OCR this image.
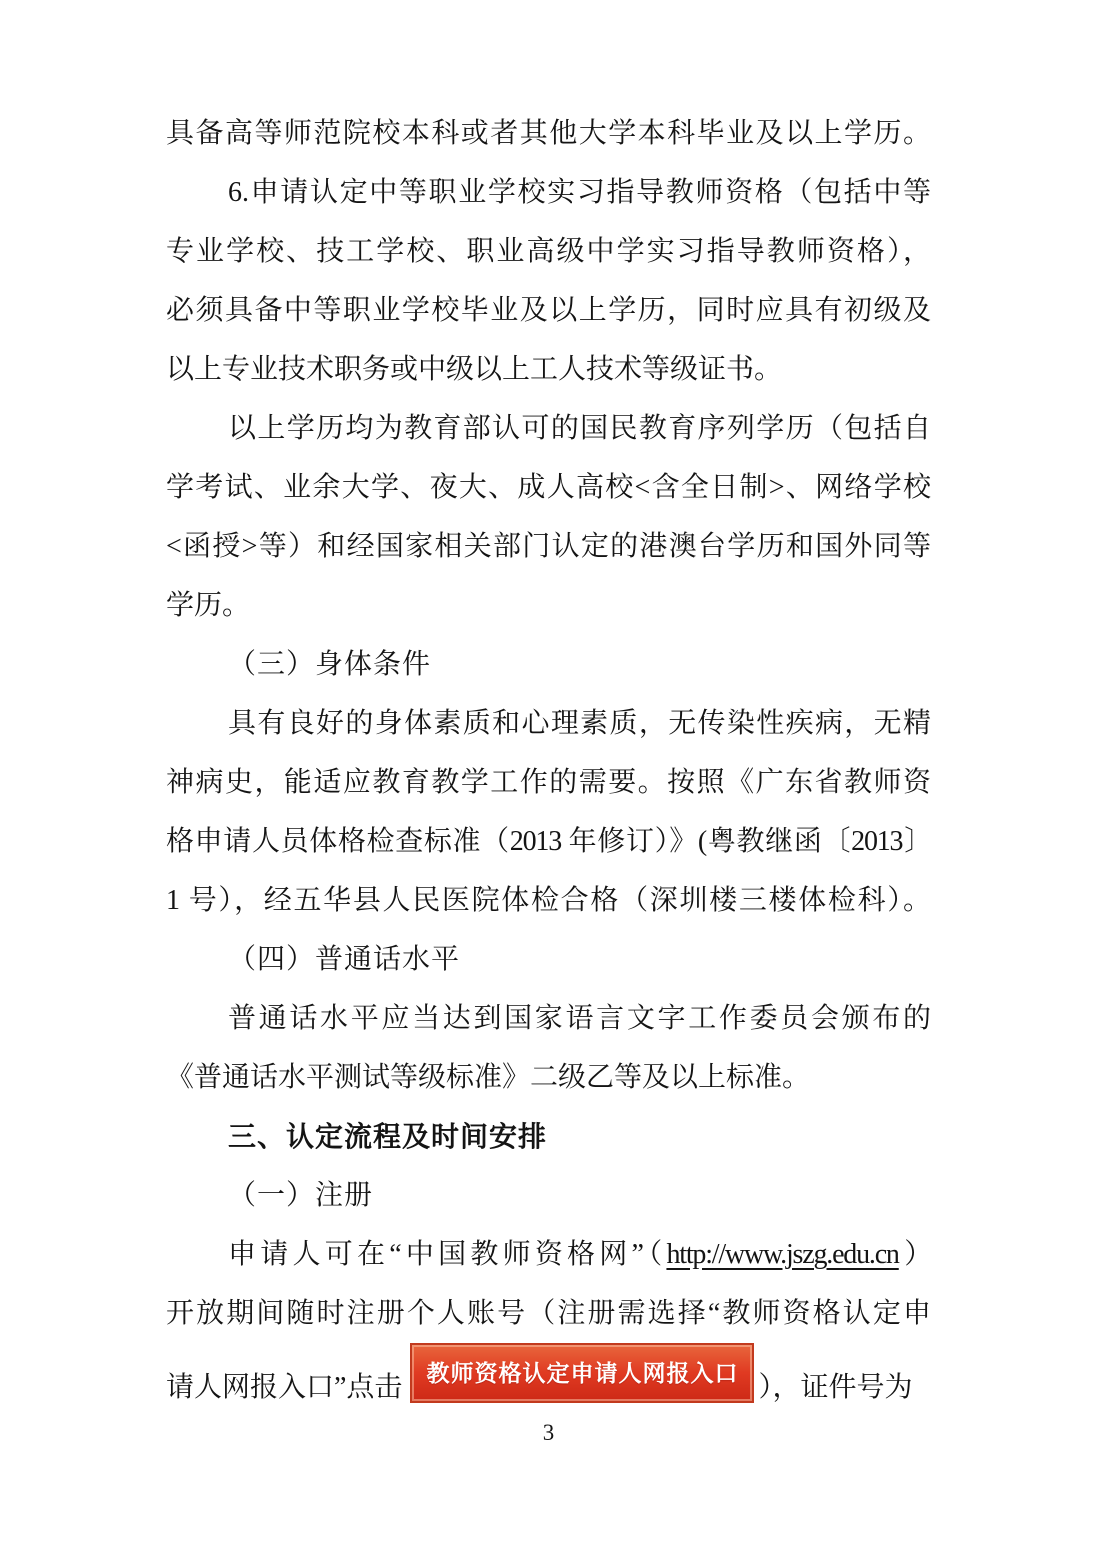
具备高等师范院校本科或者其他大学本科毕业及以上学历。
6.申请认定中等职业学校实习指导教师资格（包括中等
专业学校、技工学校、职业高级中学实习指导教师资格），
必须具备中等职业学校毕业及以上学历，同时应具有初级及
以上专业技术职务或中级以上工人技术等级证书。
以上学历均为教育部认可的国民教育序列学历（包括自
学考试、业余大学、夜大、成人高校<含全日制>、网络学校
<函授>等）和经国家相关部门认定的港澳台学历和国外同等
学历。
（三）身体条件
具有良好的身体素质和心理素质，无传染性疾病，无精
神病史，能适应教育教学工作的需要。按照《广东省教师资
格申请人员体格检查标准（2013 年修订）》(粤教继函〔2013〕
1 号），经五华县人民医院体检合格（深圳楼三楼体检科）。
（四）普通话水平
普通话水平应当达到国家语言文字工作委员会颁布的
《普通话水平测试等级标准》二级乙等及以上标准。
三、认定流程及时间安排
（一）注册
申请人可在“中国教师资格网”（http://www.jszg.edu.cn）
开放期间随时注册个人账号（注册需选择“教师资格认定申
请人网报入口”点击 教师资格认定申请人网报入口 ），证件号为
3
